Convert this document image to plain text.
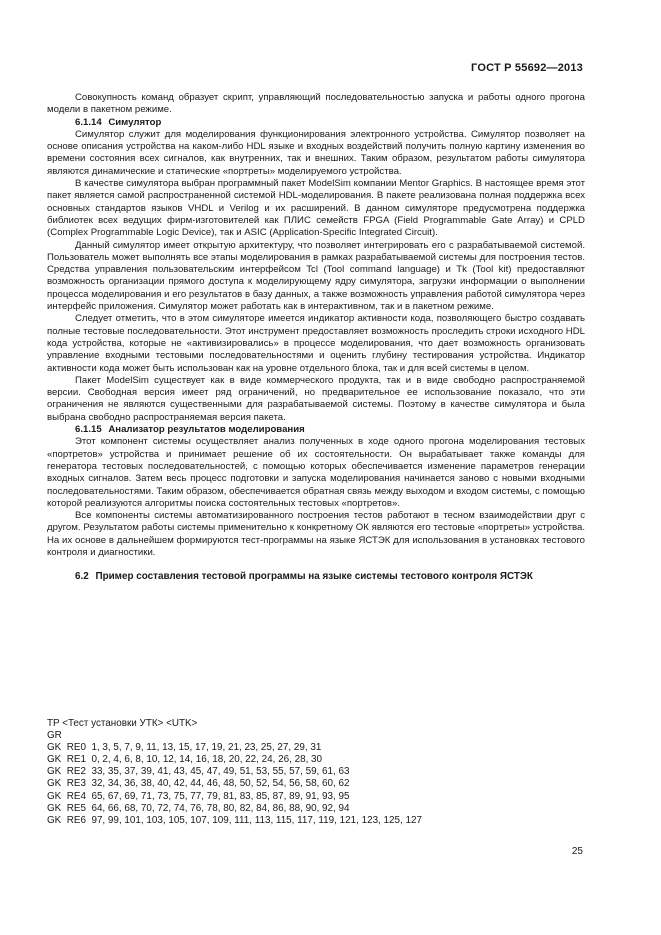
ГОСТ Р 55692—2013

Совокупность команд образует скрипт, управляющий последовательностью запуска и работы одного прогона модели в пакетном режиме.

6.1.14 Симулятор

Симулятор служит для моделирования функционирования электронного устройства. Симулятор позволяет на основе описания устройства на каком-либо HDL языке и входных воздействий получить полную картину изменения во времени состояния всех сигналов, как внутренних, так и внешних. Таким образом, результатом работы симулятора являются динамические и статические «портреты» моделируемого устройства.

В качестве симулятора выбран программный пакет ModelSim компании Mentor Graphics. В настоящее время этот пакет является самой распространенной системой HDL-моделирования. В пакете реализована полная поддержка всех основных стандартов языков VHDL и Verilog и их расширений. В данном симуляторе предусмотрена поддержка библиотек всех ведущих фирм-изготовителей как ПЛИС семейств FPGA (Field Programmable Gate Array) и CPLD (Complex Programmable Logic Device), так и ASIC (Application-Specific Integrated Circuit).

Данный симулятор имеет открытую архитектуру, что позволяет интегрировать его с разрабатываемой системой. Пользователь может выполнять все этапы моделирования в рамках разрабатываемой системы для построения тестов. Средства управления пользовательским интерфейсом Tcl (Tool command language) и Tk (Tool kit) предоставляют возможность организации прямого доступа к моделирующему ядру симулятора, загрузки информации о выполнении процесса моделирования и его результатов в базу данных, а также возможность управления работой симулятора через интерфейс приложения. Симулятор может работать как в интерактивном, так и в пакетном режиме.

Следует отметить, что в этом симуляторе имеется индикатор активности кода, позволяющего быстро создавать полные тестовые последовательности. Этот инструмент предоставляет возможность проследить строки исходного HDL кода устройства, которые не «активизировались» в процессе моделирования, что дает возможность организовать управление входными тестовыми последовательностями и оценить глубину тестирования устройства. Индикатор активности кода может быть использован как на уровне отдельного блока, так и для всей системы в целом.

Пакет ModelSim существует как в виде коммерческого продукта, так и в виде свободно распространяемой версии. Свободная версия имеет ряд ограничений, но предварительное ее использование показало, что эти ограничения не являются существенными для разрабатываемой системы. Поэтому в качестве симулятора и была выбрана свободно распространяемая версия пакета.

6.1.15 Анализатор результатов моделирования

Этот компонент системы осуществляет анализ полученных в ходе одного прогона моделирования тестовых «портретов» устройства и принимает решение об их состоятельности. Он вырабатывает также команды для генератора тестовых последовательностей, с помощью которых обеспечивается изменение параметров генерации входных сигналов. Затем весь процесс подготовки и запуска моделирования начинается заново с новыми входными последовательностями. Таким образом, обеспечивается обратная связь между выходом и входом системы, с помощью которой реализуются алгоритмы поиска состоятельных тестовых «портретов».

Все компоненты системы автоматизированного построения тестов работают в тесном взаимодействии друг с другом. Результатом работы системы применительно к конкретному ОК являются его тестовые «портреты» устройства. На их основе в дальнейшем формируются тест-программы на языке ЯСТЭК для использования в установках тестового контроля и диагностики.

6.2 Пример составления тестовой программы на языке системы тестового контроля ЯСТЭК
TP <Тест установки УТК> <UTK>
GR
GK  RE0  1, 3, 5, 7, 9, 11, 13, 15, 17, 19, 21, 23, 25, 27, 29, 31
GK  RE1  0, 2, 4, 6, 8, 10, 12, 14, 16, 18, 20, 22, 24, 26, 28, 30
GK  RE2  33, 35, 37, 39, 41, 43, 45, 47, 49, 51, 53, 55, 57, 59, 61, 63
GK  RE3  32, 34, 36, 38, 40, 42, 44, 46, 48, 50, 52, 54, 56, 58, 60, 62
GK  RE4  65, 67, 69, 71, 73, 75, 77, 79, 81, 83, 85, 87, 89, 91, 93, 95
GK  RE5  64, 66, 68, 70, 72, 74, 76, 78, 80, 82, 84, 86, 88, 90, 92, 94
GK  RE6  97, 99, 101, 103, 105, 107, 109, 111, 113, 115, 117, 119, 121, 123, 125, 127
25
